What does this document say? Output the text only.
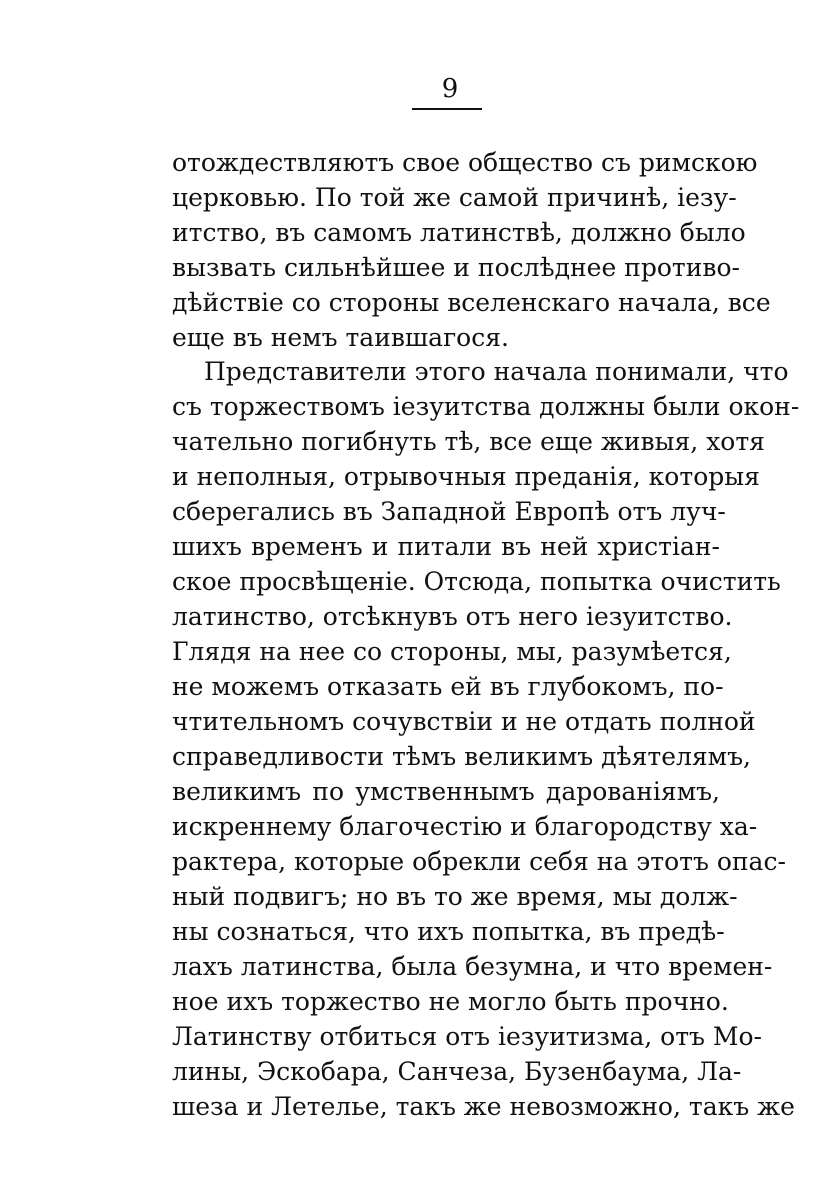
9
отождествляютъ свое общество съ римскою
церковью. По той же самой причинѣ, іезу-
итство, въ самомъ латинствѣ, должно было
вызвать сильнѣйшее и послѣднее противо-
дѣйствіе со стороны вселенскаго начала, все
еще въ немъ таившагося.
Представители этого начала понимали, что
съ торжествомъ іезуитства должны были окон-
чательно погибнуть тѣ, все еще живыя, хотя
и неполныя, отрывочныя преданія, которыя
сберегались въ Западной Европѣ отъ луч-
шихъ временъ и питали въ ней христіан-
ское просвѣщеніе. Отсюда, попытка очистить
латинство, отсѣкнувъ отъ него іезуитство.
Глядя на нее со стороны, мы, разумѣется,
не можемъ отказать ей въ глубокомъ, по-
чтительномъ сочувствіи и не отдать полной
справедливости тѣмъ великимъ дѣятелямъ,
великимъ по умственнымъ дарованіямъ,
искреннему благочестію и благородству ха-
рактера, которые обрекли себя на этотъ опас-
ный подвигъ; но въ то же время, мы долж-
ны сознаться, что ихъ попытка, въ предѣ-
лахъ латинства, была безумна, и что времен-
ное ихъ торжество не могло быть прочно.
Латинству отбиться отъ іезуитизма, отъ Мо-
лины, Эскобара, Санчеза, Бузенбаума, Ла-
шеза и Летелье, такъ же невозможно, такъ же
